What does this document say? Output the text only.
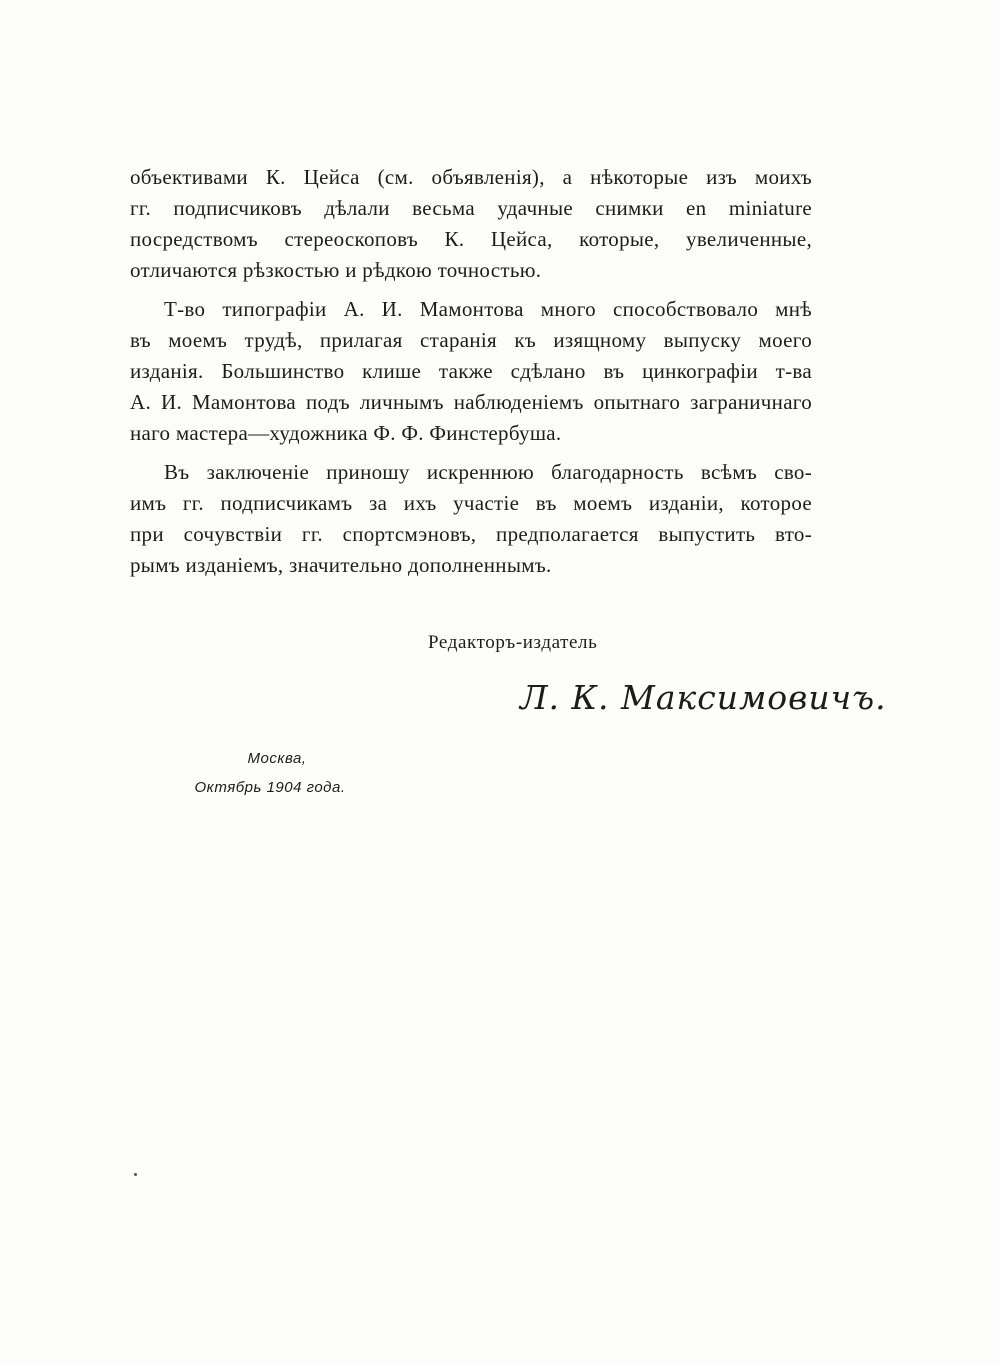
объективами К. Цейса (см. объявленія), а нѣкоторые изъ моихъ
гг. подписчиковъ дѣлали весьма удачные снимки en miniature
посредствомъ стереоскоповъ К. Цейса, которые, увеличенные,
отличаются рѣзкостью и рѣдкою точностью.
Т-во типографіи А. И. Мамонтова много способствовало мнѣ
въ моемъ трудѣ, прилагая старанія къ изящному выпуску моего
изданія. Большинство клише также сдѣлано въ цинкографіи т-ва
А. И. Мамонтова подъ личнымъ наблюденіемъ опытнаго заграничнаго
наго мастера—художника Ф. Ф. Финстербуша.
Въ заключеніе приношу искреннюю благодарность всѣмъ сво-
имъ гг. подписчикамъ за ихъ участіе въ моемъ изданіи, которое
при сочувствіи гг. спортсмэновъ, предполагается выпустить вто-
рымъ изданіемъ, значительно дополненнымъ.
Редакторъ-издатель
Л. К. Максимовичъ.
Москва,
Октябрь 1904 года.
